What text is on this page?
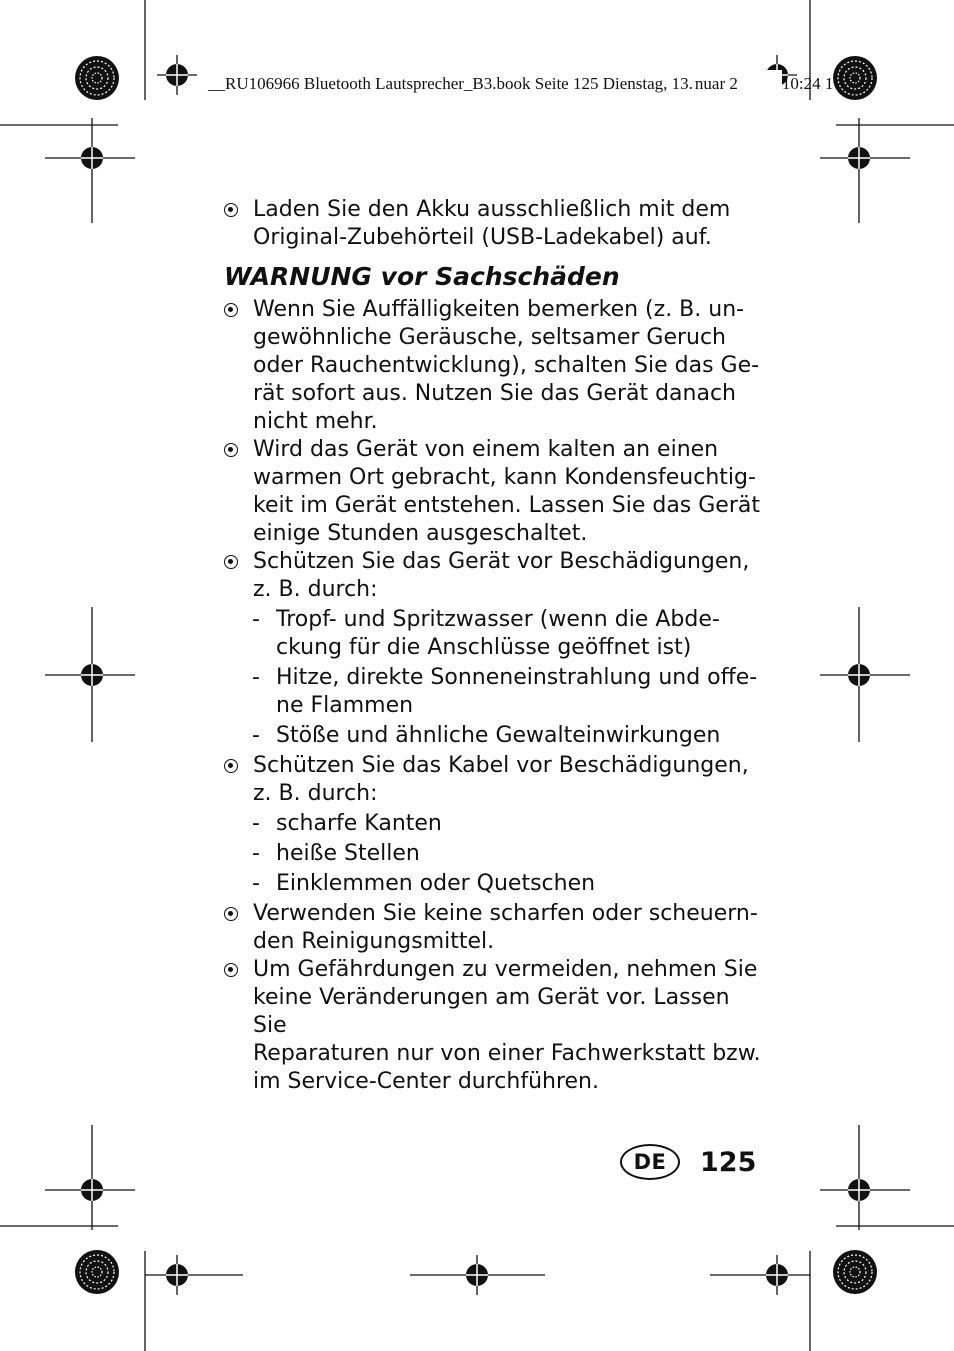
__RU106966 Bluetooth Lautsprecher_B3.book Seite 125 Dienstag, 13. nuar 2	10:24 1
Laden Sie den Akku ausschließlich mit dem
Original-Zubehörteil (USB-Ladekabel) auf.
WARNUNG vor Sachschäden
Wenn Sie Auffälligkeiten bemerken (z. B. un-
gewöhnliche Geräusche, seltsamer Geruch
oder Rauchentwicklung), schalten Sie das Ge-
rät sofort aus. Nutzen Sie das Gerät danach
nicht mehr.
Wird das Gerät von einem kalten an einen
warmen Ort gebracht, kann Kondensfeuchtig-
keit im Gerät entstehen. Lassen Sie das Gerät
einige Stunden ausgeschaltet.
Schützen Sie das Gerät vor Beschädigungen,
z. B. durch:
- Tropf- und Spritzwasser (wenn die Abde-
ckung für die Anschlüsse geöffnet ist)
- Hitze, direkte Sonneneinstrahlung und offe-
ne Flammen
- Stöße und ähnliche Gewalteinwirkungen
Schützen Sie das Kabel vor Beschädigungen,
z. B. durch:
- scharfe Kanten
- heiße Stellen
- Einklemmen oder Quetschen
Verwenden Sie keine scharfen oder scheuern-
den Reinigungsmittel.
Um Gefährdungen zu vermeiden, nehmen Sie
keine Veränderungen am Gerät vor. Lassen Sie
Reparaturen nur von einer Fachwerkstatt bzw.
im Service-Center durchführen.
DE	125
